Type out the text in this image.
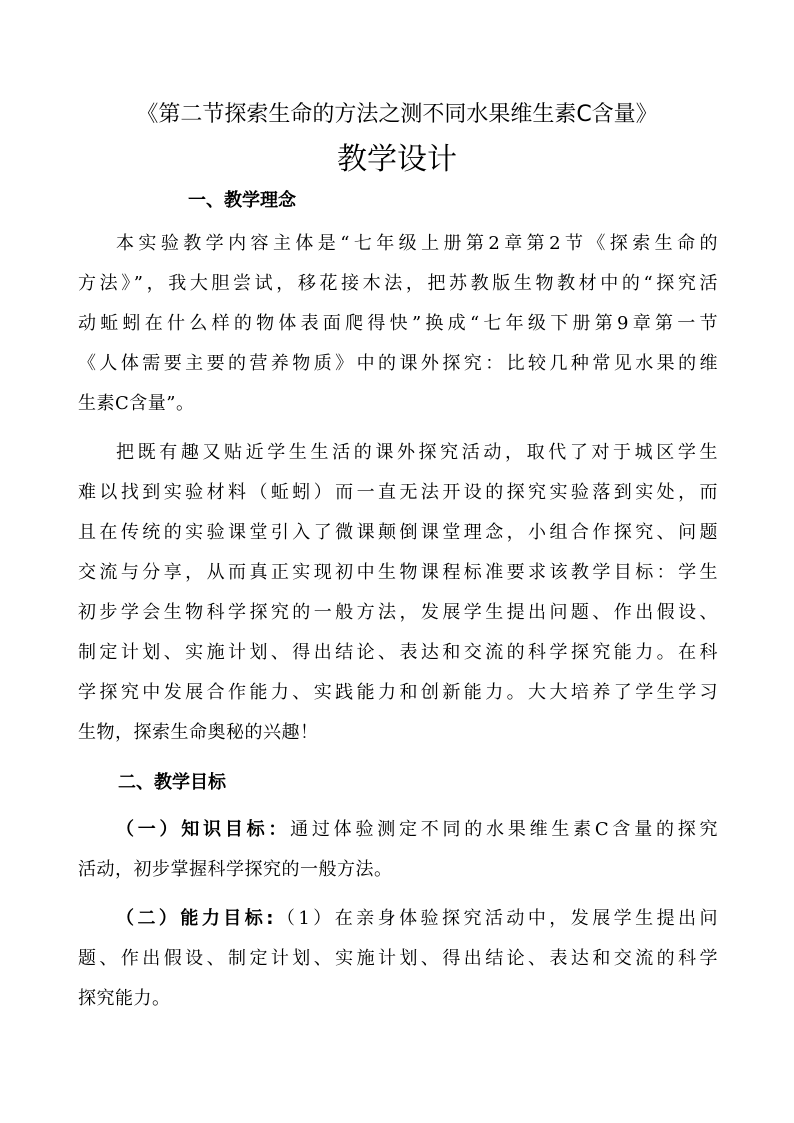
《第二节探索生命的方法之测不同水果维生素C含量》
教学设计
一、教学理念
本实验教学内容主体是“七年级上册第2章第2节《探索生命的
方法》”，我大胆尝试，移花接木法，把苏教版生物教材中的“探究活
动蚯蚓在什么样的物体表面爬得快”换成“七年级下册第9章第一节
《人体需要主要的营养物质》中的课外探究：比较几种常见水果的维
生素C含量”。
把既有趣又贴近学生生活的课外探究活动，取代了对于城区学生
难以找到实验材料（蚯蚓）而一直无法开设的探究实验落到实处，而
且在传统的实验课堂引入了微课颠倒课堂理念，小组合作探究、问题
交流与分享，从而真正实现初中生物课程标准要求该教学目标：学生
初步学会生物科学探究的一般方法，发展学生提出问题、作出假设、
制定计划、实施计划、得出结论、表达和交流的科学探究能力。在科
学探究中发展合作能力、实践能力和创新能力。大大培养了学生学习
生物，探索生命奥秘的兴趣！
二、教学目标
（一）知识目标：通过体验测定不同的水果维生素C含量的探究
活动，初步掌握科学探究的一般方法。
（二）能力目标:（1）在亲身体验探究活动中，发展学生提出问
题、作出假设、制定计划、实施计划、得出结论、表达和交流的科学
探究能力。
